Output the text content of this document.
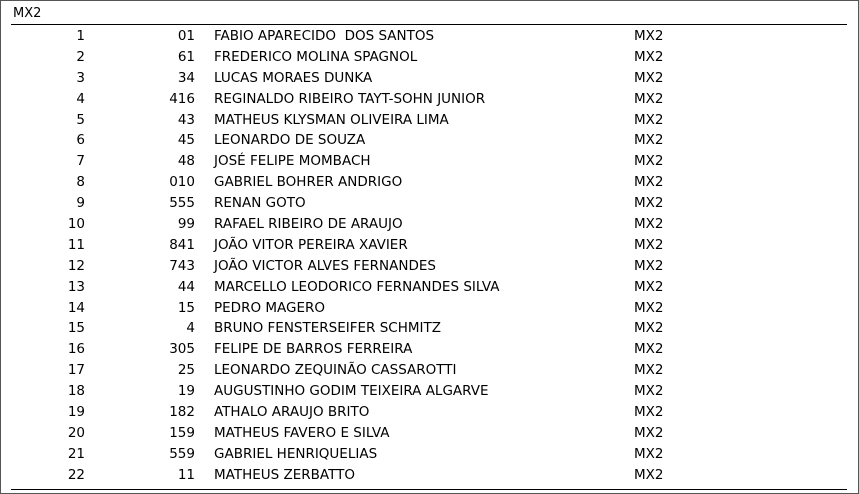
MX2
1	01 FABIO APARECIDO  DOS SANTOS	MX2
2	61 FREDERICO MOLINA SPAGNOL	MX2
3	34 LUCAS MORAES DUNKA	MX2
4	416 REGINALDO RIBEIRO TAYT-SOHN JUNIOR	MX2
5	43 MATHEUS KLYSMAN OLIVEIRA LIMA	MX2
6	45 LEONARDO DE SOUZA	MX2
7	48 JOSÉ FELIPE MOMBACH	MX2
8	010 GABRIEL BOHRER ANDRIGO	MX2
9	555 RENAN GOTO	MX2
10	99 RAFAEL RIBEIRO DE ARAUJO	MX2
11	841 JOÃO VITOR PEREIRA XAVIER	MX2
12	743 JOÃO VICTOR ALVES FERNANDES	MX2
13	44 MARCELLO LEODORICO FERNANDES SILVA	MX2
14	15 PEDRO MAGERO	MX2
15	4 BRUNO FENSTERSEIFER SCHMITZ	MX2
16	305 FELIPE DE BARROS FERREIRA	MX2
17	25 LEONARDO ZEQUINÃO CASSAROTTI	MX2
18	19 AUGUSTINHO GODIM TEIXEIRA ALGARVE	MX2
19	182 ATHALO ARAUJO BRITO	MX2
20	159 MATHEUS FAVERO E SILVA	MX2
21	559 GABRIEL HENRIQUELIAS	MX2
22	11 MATHEUS ZERBATTO	MX2
